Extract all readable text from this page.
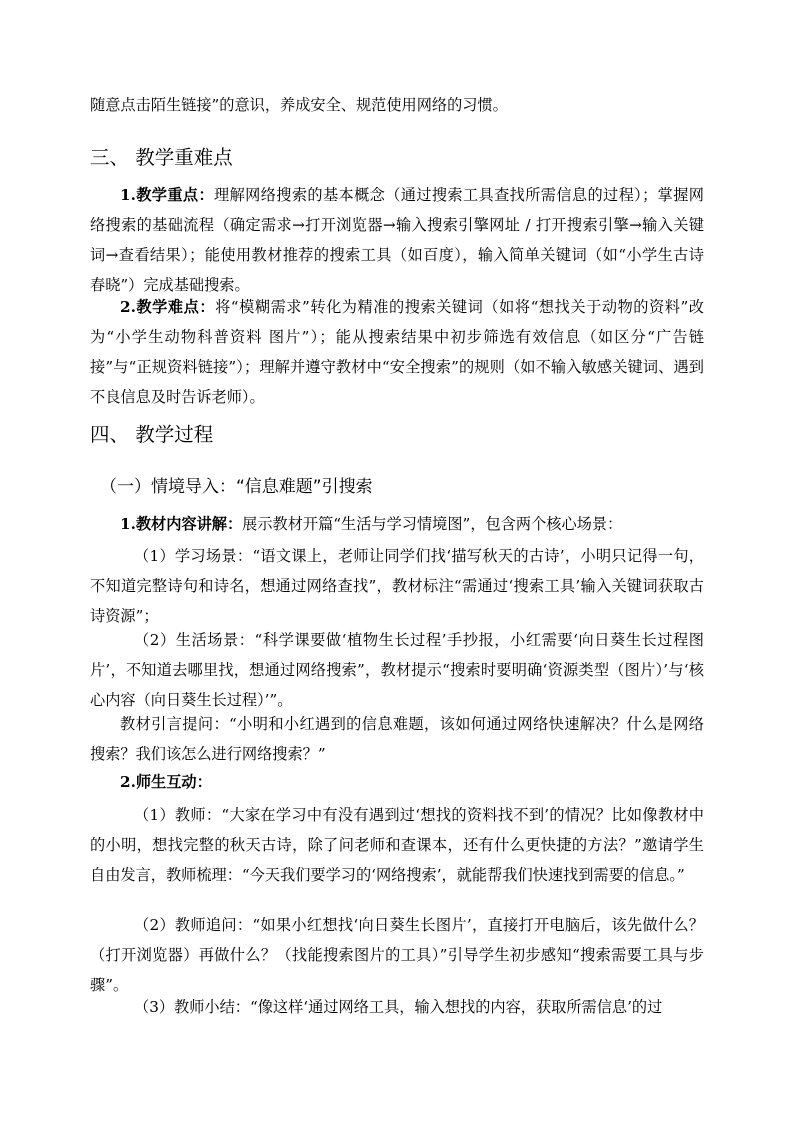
随意点击陌生链接”的意识，养成安全、规范使用网络的习惯。

三、 教学重难点

1.教学重点：理解网络搜索的基本概念（通过搜索工具查找所需信息的过程）；掌握网络搜索的基础流程（确定需求→打开浏览器→输入搜索引擎网址 / 打开搜索引擎→输入关键词→查看结果）；能使用教材推荐的搜索工具（如百度），输入简单关键词（如“小学生古诗 春晓”）完成基础搜索。

2.教学难点：将“模糊需求”转化为精准的搜索关键词（如将“想找关于动物的资料”改为“小学生动物科普资料 图片”）；能从搜索结果中初步筛选有效信息（如区分“广告链接”与“正规资料链接”）；理解并遵守教材中“安全搜索”的规则（如不输入敏感关键词、遇到不良信息及时告诉老师）。

四、 教学过程
（一）情境导入：“信息难题”引搜索

1.教材内容讲解：展示教材开篇“生活与学习情境图”，包含两个核心场景：

（1）学习场景：“语文课上，老师让同学们找‘描写秋天的古诗’，小明只记得一句，不知道完整诗句和诗名，想通过网络查找”，教材标注“需通过‘搜索工具’输入关键词获取古诗资源”；

（2）生活场景：“科学课要做‘植物生长过程’手抄报，小红需要‘向日葵生长过程图片’，不知道去哪里找，想通过网络搜索”，教材提示“搜索时要明确‘资源类型（图片）’与‘核心内容（向日葵生长过程）’”。

教材引言提问：“小明和小红遇到的信息难题，该如何通过网络快速解决？什么是网络搜索？我们该怎么进行网络搜索？”

2.师生互动：

（1）教师：“大家在学习中有没有遇到过‘想找的资料找不到’的情况？比如像教材中的小明，想找完整的秋天古诗，除了问老师和查课本，还有什么更快捷的方法？”邀请学生自由发言，教师梳理：“今天我们要学习的‘网络搜索’，就能帮我们快速找到需要的信息。”

（2）教师追问：“如果小红想找‘向日葵生长图片’，直接打开电脑后，该先做什么？（打开浏览器）再做什么？（找能搜索图片的工具）”引导学生初步感知“搜索需要工具与步骤”。

（3）教师小结：“像这样‘通过网络工具，输入想找的内容，获取所需信息’的过
